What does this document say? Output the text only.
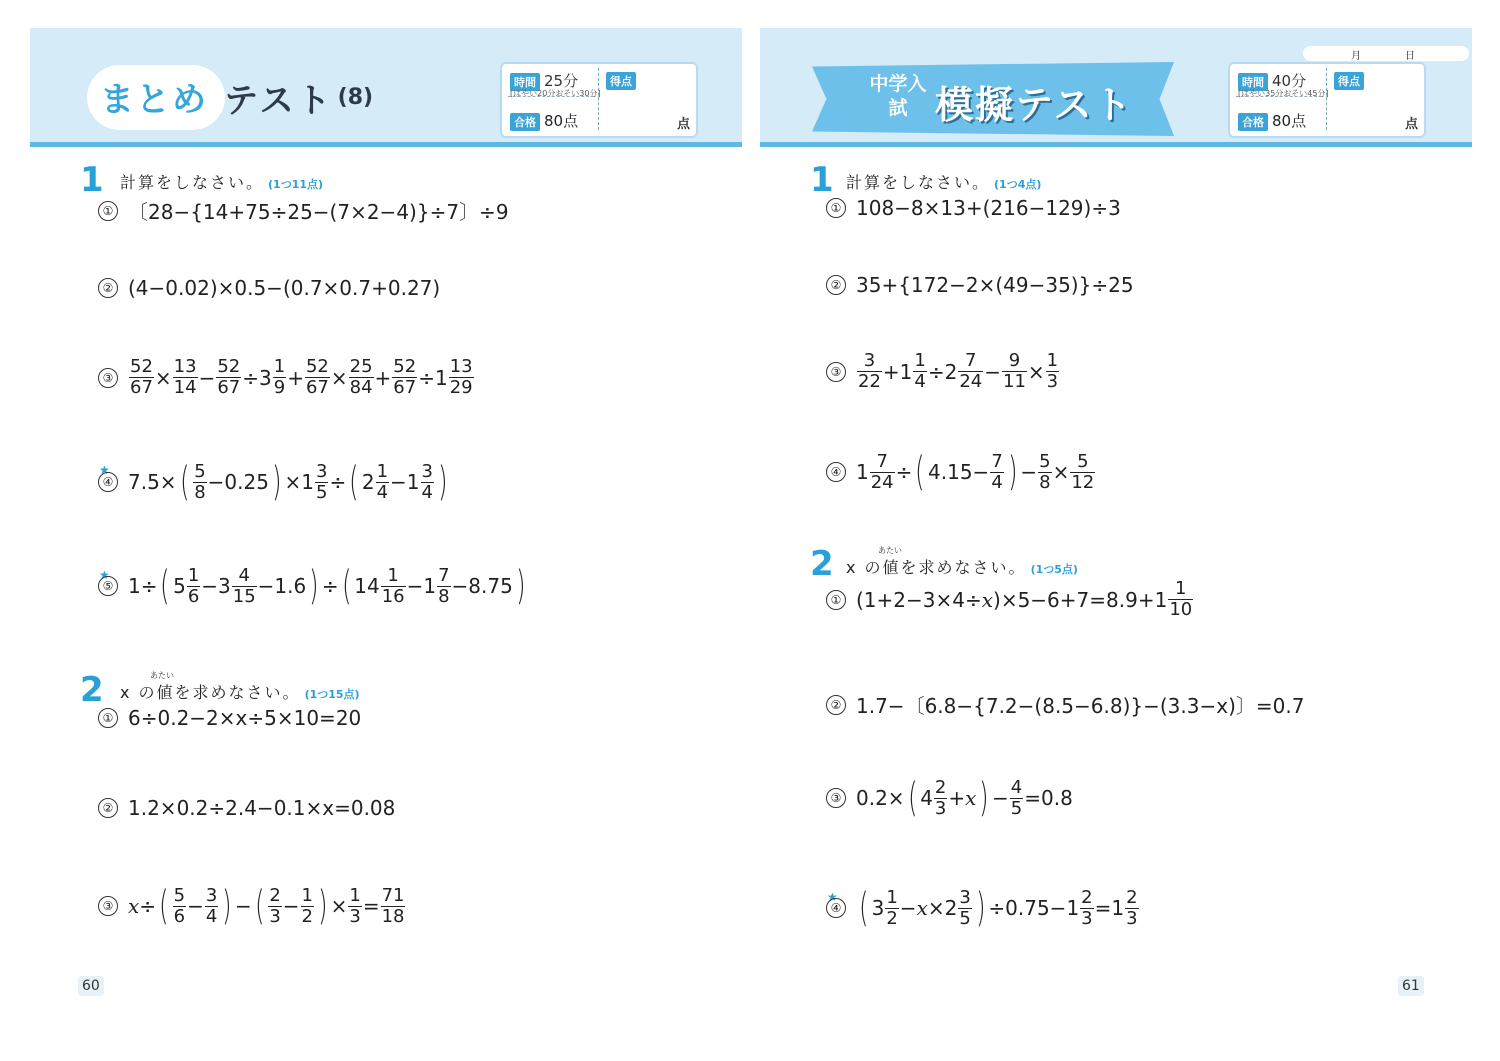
まとめ テスト (8)
時間 25分
[はやい20分おそい30分]
合格 80点
得点
点
1 計算をしなさい。 (1つ11点)
① 〔28−{14+75÷25−(7×2−4)}÷7〕÷9
② (4−0.02)×0.5−(0.7×0.7+0.27)
③ $\frac{52}{67} \times \frac{13}{14} - \frac{52}{67} \div 3 \frac{1}{9} + \frac{52}{67} \times \frac{25}{84} + \frac{52}{67} \div 1 \frac{13}{29}$
★
④ 7.5× ( $\frac{5}{8} -0.25$ ) $\times 1 \frac{3}{5}$ ÷ ( $2 \frac{1}{4} -1 \frac{3}{4}$ )
★
⑤ 1÷ ( $5 \frac{1}{6} -3 \frac{4}{15} -1.6$ ) ÷ ( $14 \frac{1}{16} -1 \frac{7}{8} -8.75$ )
2	あたい
x の値を求めなさい。 (1つ15点)
① 6÷0.2−2×x÷5×10=20
② 1.2×0.2÷2.4−0.1×x=0.08
③ x ÷ ( $\frac{5}{6} - \frac{3}{4}$ ) − ( $\frac{2}{3} - \frac{1}{2}$ ) × $\frac{1}{3} = \frac{71}{18}$
60
中学入試 模擬テスト
月	日
時間 40分
[はやい35分おそい45分]
合格 80点
得点
点
1 計算をしなさい。 (1つ4点)
① 108−8×13+(216−129)÷3
② 35+{172−2×(49−35)}÷25
③ $\frac{3}{22} +1 \frac{1}{4} \div 2 \frac{7}{24} - \frac{9}{11} \times \frac{1}{3}$
④ $1 \frac{7}{24}$ ÷ ( $4.15- \frac{7}{4}$ ) − $\frac{5}{8} \times \frac{5}{12}$
2	あたい
x の値を求めなさい。 (1つ5点)
① (1+2−3×4÷ x )$\times 5-6+7=8.9+1 \frac{1}{10}$
② 1.7−〔6.8−{7.2−(8.5−6.8)}−(3.3−x)〕=0.7
③ 0.2× ( $4 \frac{2}{3} + x$ ) − $\frac{4}{5} =0.8$
★
④ ( $3 \frac{1}{2} - x \times 2 \frac{3}{5}$ ) $\div 0.75-1 \frac{2}{3} =1 \frac{2}{3}$
61
